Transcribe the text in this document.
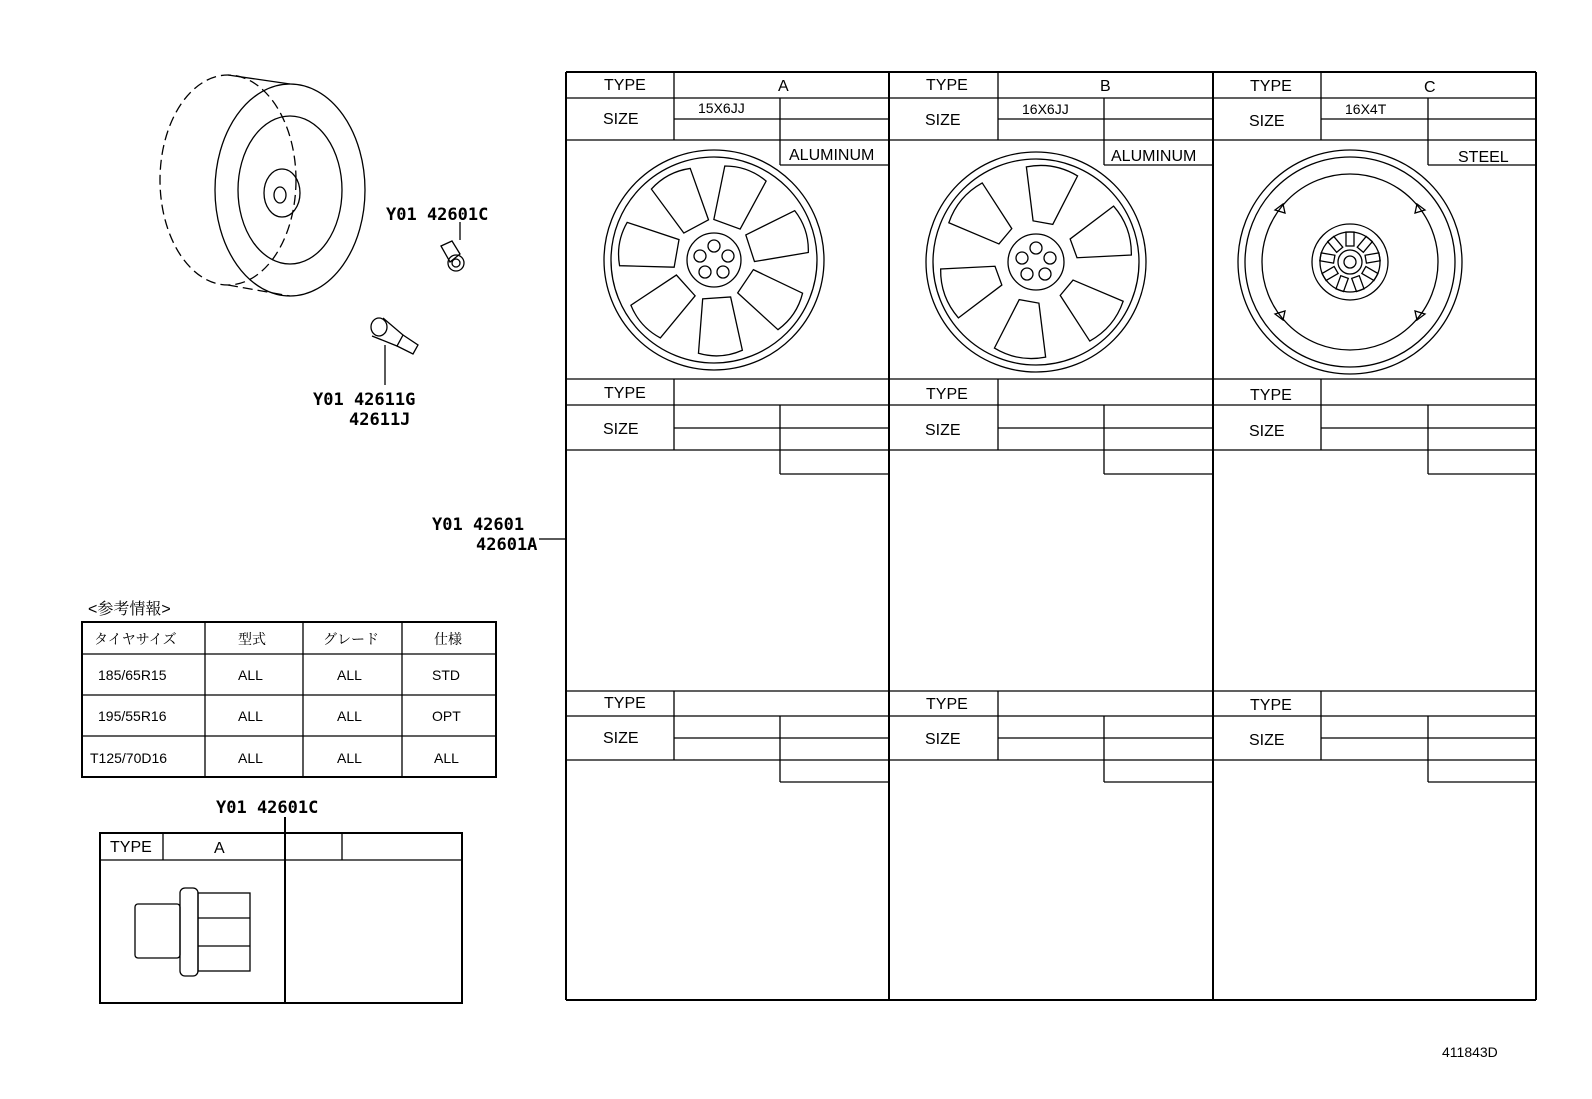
Y01 42601C
Y01 42611G
42611J
Y01 42601
42601A
Y01 42601C
TYPE	A
SIZE
15X6JJ
ALUMINUM
TYPE	B
SIZE
16X6JJ
ALUMINUM
TYPE	C
SIZE
16X4T
STEEL
TYPE
SIZE
TYPE
SIZE
TYPE
SIZE
TYPE
SIZE
TYPE
SIZE
TYPE
SIZE
<参考情報>
タイヤサイズ	型式	グレード	仕様
185/65R15	ALL	ALL	STD
195/55R16	ALL	ALL	OPT
T125/70D16	ALL	ALL	ALL
TYPE	A
411843D
